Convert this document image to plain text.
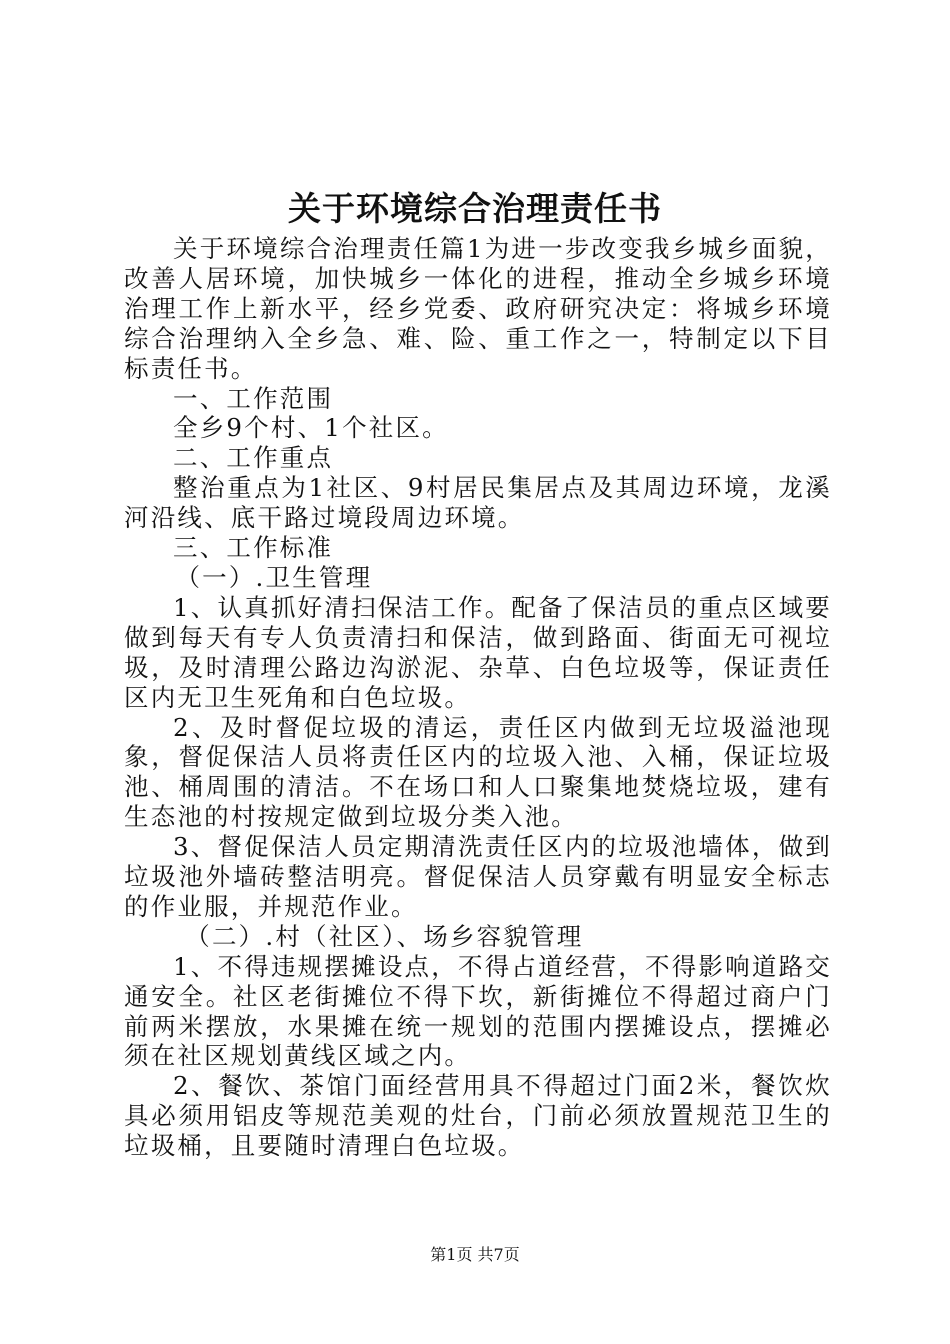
关于环境综合治理责任书

关于环境综合治理责任篇1为进一步改变我乡城乡面貌，改善人居环境，加快城乡一体化的进程，推动全乡城乡环境治理工作上新水平，经乡党委、政府研究决定：将城乡环境综合治理纳入全乡急、难、险、重工作之一，特制定以下目标责任书。

一、工作范围

全乡9个村、1个社区。

二、工作重点

整治重点为1社区、9村居民集居点及其周边环境，龙溪河沿线、底干路过境段周边环境。

三、工作标准

（一）.卫生管理

1、认真抓好清扫保洁工作。配备了保洁员的重点区域要做到每天有专人负责清扫和保洁，做到路面、街面无可视垃圾，及时清理公路边沟淤泥、杂草、白色垃圾等，保证责任区内无卫生死角和白色垃圾。

2、及时督促垃圾的清运，责任区内做到无垃圾溢池现象，督促保洁人员将责任区内的垃圾入池、入桶，保证垃圾池、桶周围的清洁。不在场口和人口聚集地焚烧垃圾，建有生态池的村按规定做到垃圾分类入池。

3、督促保洁人员定期清洗责任区内的垃圾池墙体，做到垃圾池外墙砖整洁明亮。督促保洁人员穿戴有明显安全标志的作业服，并规范作业。

（二）.村（社区）、场乡容貌管理

1、不得违规摆摊设点，不得占道经营，不得影响道路交通安全。社区老街摊位不得下坎，新街摊位不得超过商户门前两米摆放，水果摊在统一规划的范围内摆摊设点，摆摊必须在社区规划黄线区域之内。

2、餐饮、茶馆门面经营用具不得超过门面2米，餐饮炊具必须用铝皮等规范美观的灶台，门前必须放置规范卫生的垃圾桶，且要随时清理白色垃圾。

第1页 共7页
